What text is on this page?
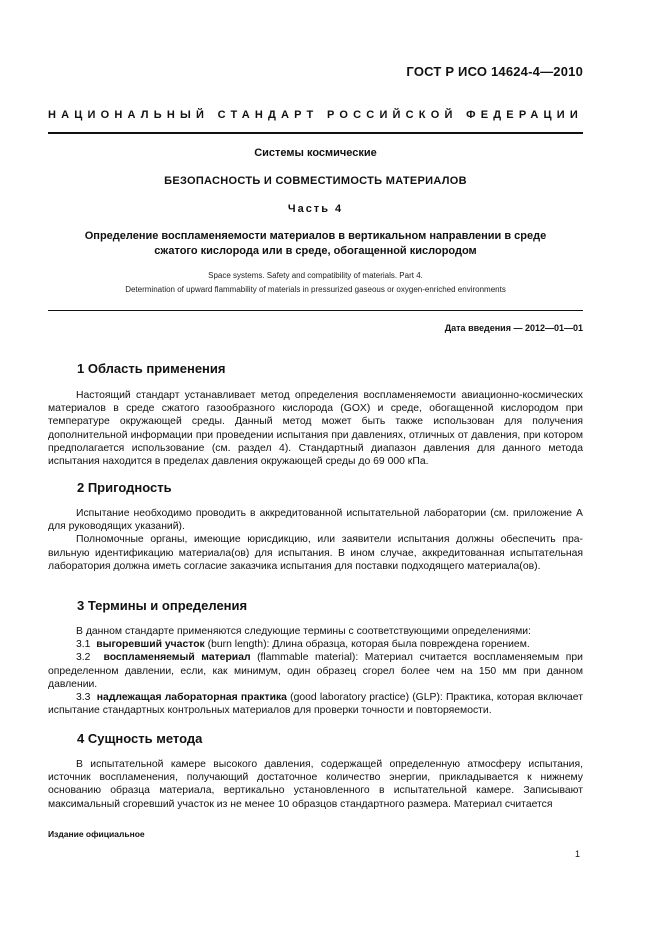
ГОСТ Р ИСО 14624-4—2010
НАЦИОНАЛЬНЫЙ СТАНДАРТ РОССИЙСКОЙ ФЕДЕРАЦИИ
Системы космические
БЕЗОПАСНОСТЬ И СОВМЕСТИМОСТЬ МАТЕРИАЛОВ
Часть 4
Определение воспламеняемости материалов в вертикальном направлении в среде
сжатого кислорода или в среде, обогащенной кислородом
Space systems. Safety and compatibility of materials. Part 4.
Determination of upward flammability of materials in pressurized gaseous or oxygen-enriched environments
Дата введения — 2012—01—01
1 Область применения

Настоящий стандарт устанавливает метод определения воспламеняемости авиационно-космических материалов в среде сжатого газообразного кислорода (GOX) и среде, обогащенной кислородом при температуре окружающей среды. Данный метод может быть также использован для получения дополнительной информации при проведении испытания при давлениях, отличных от давления, при котором предполагается использование (см. раздел 4). Стандартный диапазон давления для данного метода испытания находится в пределах давления окружающей среды до 69 000 кПа.

2 Пригодность

Испытание необходимо проводить в аккредитованной испытательной лаборатории (см. приложение А для руководящих указаний).

Полномочные органы, имеющие юрисдикцию, или заявители испытания должны обеспечить правильную идентификацию материала(ов) для испытания. В ином случае, аккредитованная испытательная лаборатория должна иметь согласие заказчика испытания для поставки подходящего материала(ов).

3 Термины и определения

В данном стандарте применяются следующие термины с соответствующими определениями:

3.1 выгоревший участок (burn length): Длина образца, которая была повреждена горением.

3.2 воспламеняемый материал (flammable material): Материал считается воспламеняемым при определенном давлении, если, как минимум, один образец сгорел более чем на 150 мм при данном давлении.

3.3 надлежащая лабораторная практика (good laboratory practice) (GLP): Практика, которая включает испытание стандартных контрольных материалов для проверки точности и повторяемости.

4 Сущность метода

В испытательной камере высокого давления, содержащей определенную атмосферу испытания, источник воспламенения, получающий достаточное количество энергии, прикладывается к нижнему основанию образца материала, вертикально установленного в испытательной камере. Записывают максимальный сгоревший участок из не менее 10 образцов стандартного размера. Материал считается

Издание официальное
1
